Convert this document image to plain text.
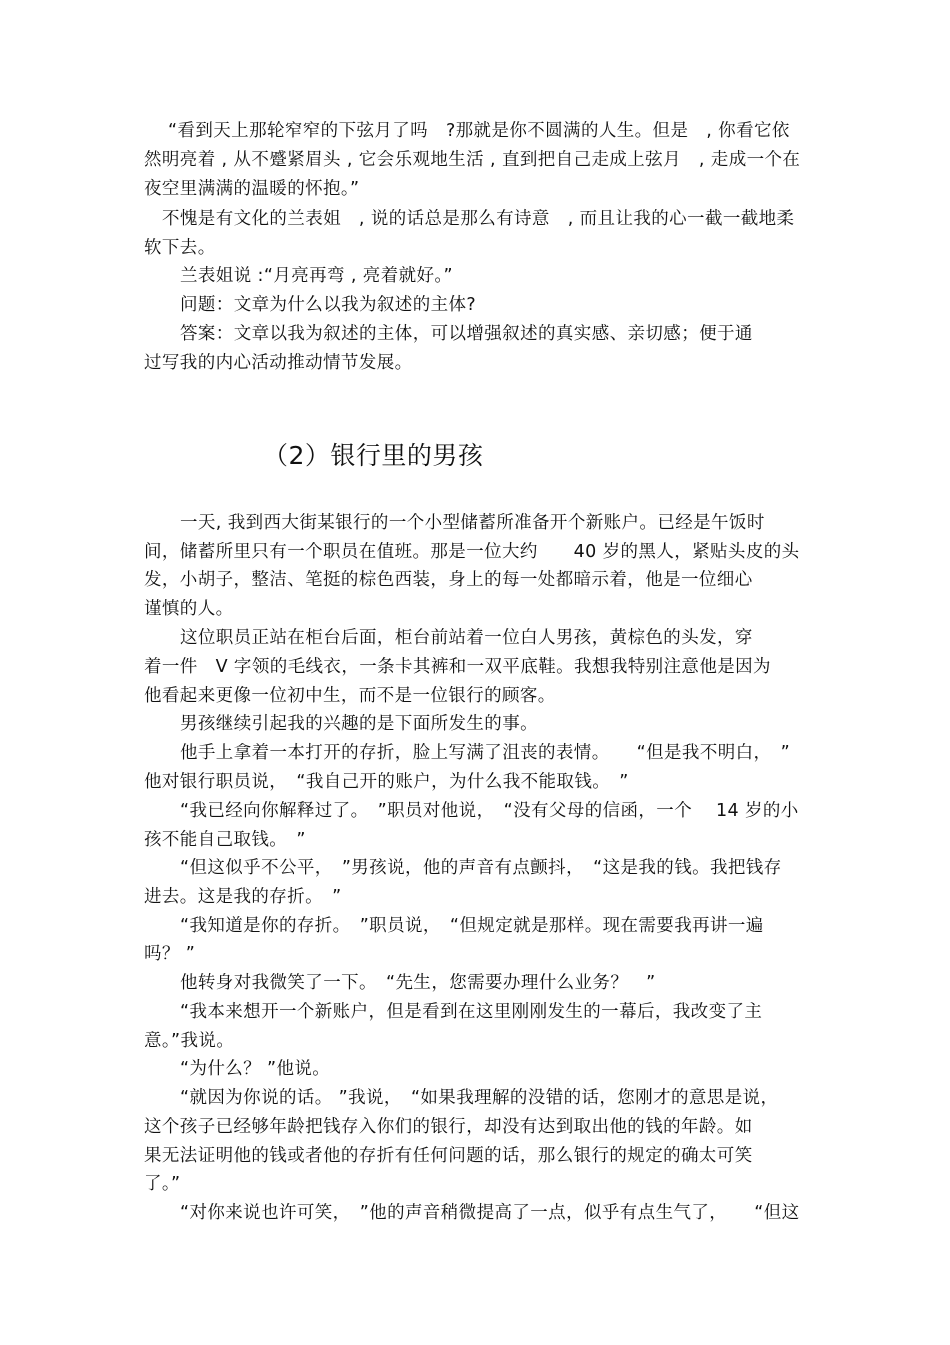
“看到天上那轮窄窄的下弦月了吗　?那就是你不圆满的人生。但是　, 你看它依

然明亮着 , 从不蹙紧眉头 , 它会乐观地生活 , 直到把自己走成上弦月　, 走成一个在

夜空里满满的温暖的怀抱。”

不愧是有文化的兰表姐　, 说的话总是那么有诗意　, 而且让我的心一截一截地柔

软下去。

兰表姐说 :“月亮再弯 , 亮着就好。”

问题：文章为什么以我为叙述的主体?

答案：文章以我为叙述的主体，可以增强叙述的真实感、亲切感；便于通

过写我的内心活动推动情节发展。

（2）银行里的男孩

一天, 我到西大街某银行的一个小型储蓄所准备开个新账户。已经是午饭时

间，储蓄所里只有一个职员在值班。那是一位大约　　40 岁的黑人，紧贴头皮的头

发，小胡子，整洁、笔挺的棕色西装，身上的每一处都暗示着，他是一位细心

谨慎的人。

这位职员正站在柜台后面，柜台前站着一位白人男孩，黄棕色的头发，穿

着一件　V 字领的毛线衣，一条卡其裤和一双平底鞋。我想我特别注意他是因为

他看起来更像一位初中生，而不是一位银行的顾客。

男孩继续引起我的兴趣的是下面所发生的事。

他手上拿着一本打开的存折，脸上写满了沮丧的表情。　　“但是我不明白，　”

他对银行职员说，　“我自己开的账户，为什么我不能取钱。　”

“我已经向你解释过了。　”职员对他说，　“没有父母的信函，一个　 14 岁的小

孩不能自己取钱。　”

“但这似乎不公平，　”男孩说，他的声音有点颤抖，　“这是我的钱。我把钱存

进去。这是我的存折。　”

“我知道是你的存折。　”职员说，　“但规定就是那样。现在需要我再讲一遍

吗？ ”

他转身对我微笑了一下。　“先生，您需要办理什么业务？　”

“我本来想开一个新账户，但是看到在这里刚刚发生的一幕后，我改变了主

意。”我说。

“为什么？ ”他说。

“就因为你说的话。 ”我说，　“如果我理解的没错的话，您刚才的意思是说，

这个孩子已经够年龄把钱存入你们的银行，却没有达到取出他的钱的年龄。如

果无法证明他的钱或者他的存折有任何问题的话，那么银行的规定的确太可笑

了。”

“对你来说也许可笑，　”他的声音稍微提高了一点，似乎有点生气了，　　“但这
